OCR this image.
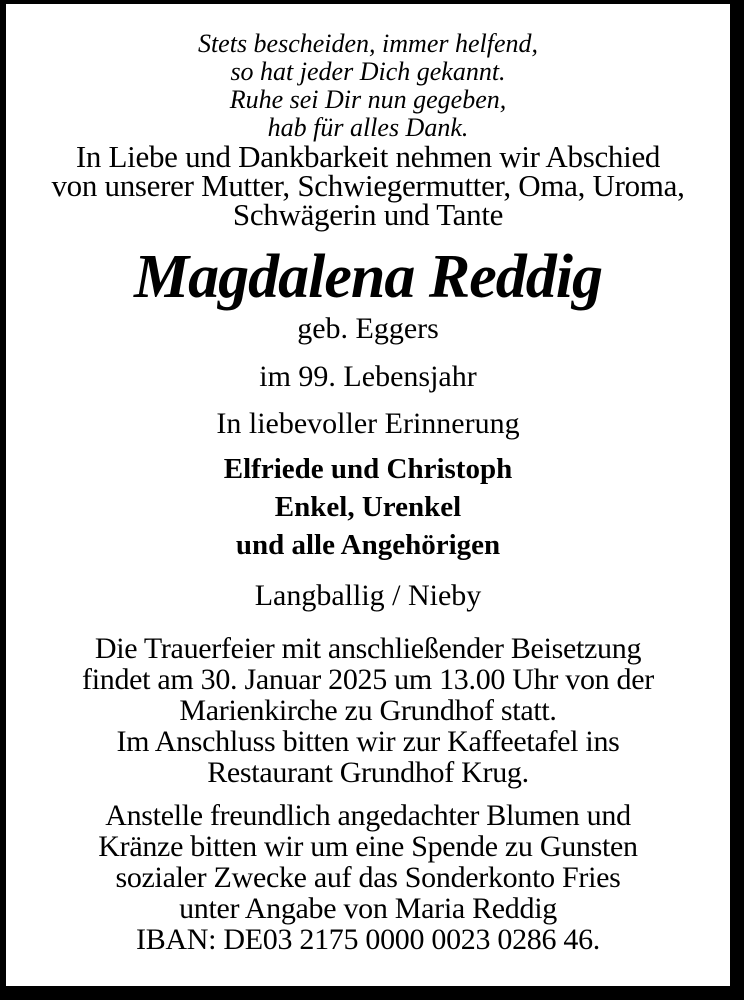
Stets bescheiden, immer helfend,
so hat jeder Dich gekannt.
Ruhe sei Dir nun gegeben,
hab für alles Dank.
In Liebe und Dankbarkeit nehmen wir Abschied
von unserer Mutter, Schwiegermutter, Oma, Uroma,
Schwägerin und Tante
Magdalena Reddig
geb. Eggers
im 99. Lebensjahr
In liebevoller Erinnerung
Elfriede und Christoph
Enkel, Urenkel
und alle Angehörigen
Langballig / Nieby
Die Trauerfeier mit anschließender Beisetzung
findet am 30. Januar 2025 um 13.00 Uhr von der
Marienkirche zu Grundhof statt.
Im Anschluss bitten wir zur Kaffeetafel ins
Restaurant Grundhof Krug.
Anstelle freundlich angedachter Blumen und
Kränze bitten wir um eine Spende zu Gunsten
sozialer Zwecke auf das Sonderkonto Fries
unter Angabe von Maria Reddig
IBAN: DE03 2175 0000 0023 0286 46.
